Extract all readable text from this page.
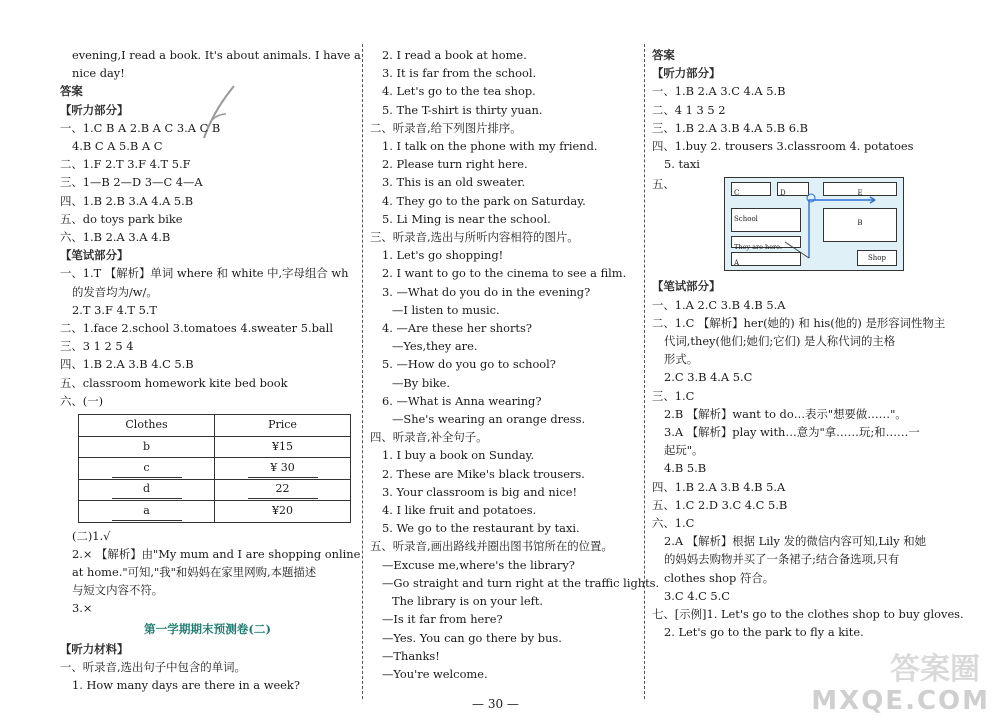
evening,I read a book. It's about animals. I have a
nice day!
答案
【听力部分】
一、1.C B A 2.B A C 3.A C B
4.B C A 5.B A C
二、1.F 2.T 3.F 4.T 5.F
三、1—B 2—D 3—C 4—A
四、1.B 2.B 3.A 4.A 5.B
五、do toys park bike
六、1.B 2.A 3.A 4.B
【笔试部分】
一、1.T 【解析】单词 where 和 white 中,字母组合 wh
的发音均为/w/。
2.T 3.F 4.T 5.T
二、1.face 2.school 3.tomatoes 4.sweater 5.ball
三、3 1 2 5 4
四、1.B 2.A 3.B 4.C 5.B
五、classroom homework kite bed book
六、(一)
Clothes	Price
b	¥15
c	¥ 30
d	22
a	¥20
(二)1.√
2.× 【解析】由"My mum and I are shopping online
at home."可知,"我"和妈妈在家里网购,本题描述
与短文内容不符。
3.×
第一学期期末预测卷(二)
【听力材料】
一、听录音,选出句子中包含的单词。
1. How many days are there in a week?
2. I read a book at home.
3. It is far from the school.
4. Let's go to the tea shop.
5. The T-shirt is thirty yuan.
二、听录音,给下列图片排序。
1. I talk on the phone with my friend.
2. Please turn right here.
3. This is an old sweater.
4. They go to the park on Saturday.
5. Li Ming is near the school.
三、听录音,选出与所听内容相符的图片。
1. Let's go shopping!
2. I want to go to the cinema to see a film.
3. —What do you do in the evening?
—I listen to music.
4. —Are these her shorts?
—Yes,they are.
5. —How do you go to school?
—By bike.
6. —What is Anna wearing?
—She's wearing an orange dress.
四、听录音,补全句子。
1. I buy a book on Sunday.
2. These are Mike's black trousers.
3. Your classroom is big and nice!
4. I like fruit and potatoes.
5. We go to the restaurant by taxi.
五、听录音,画出路线并圈出图书馆所在的位置。
—Excuse me,where's the library?
—Go straight and turn right at the traffic lights.
The library is on your left.
—Is it far from here?
—Yes. You can go there by bus.
—Thanks!
—You're welcome.
答案
【听力部分】
一、1.B 2.A 3.C 4.A 5.B
二、4 1 3 5 2
三、1.B 2.A 3.B 4.A 5.B 6.B
四、1.buy 2. trousers 3.classroom 4. potatoes
5. taxi
五、
C	D	E
School	B
They are here.
A
Shop
【笔试部分】
一、1.A 2.C 3.B 4.B 5.A
二、1.C 【解析】her(她的) 和 his(他的) 是形容词性物主
代词,they(他们;她们;它们) 是人称代词的主格
形式。
2.C 3.B 4.A 5.C
三、1.C
2.B 【解析】want to do…表示"想要做……"。
3.A 【解析】play with…意为"拿……玩;和……一
起玩"。
4.B 5.B
四、1.B 2.A 3.B 4.B 5.A
五、1.C 2.D 3.C 4.C 5.B
六、1.C
2.A 【解析】根据 Lily 发的微信内容可知,Lily 和她
的妈妈去购物并买了一条裙子;结合备选项,只有
clothes shop 符合。
3.C 4.C 5.C
七、[示例]1. Let's go to the clothes shop to buy gloves.
2. Let's go to the park to fly a kite.
— 30 —
答案圈
MXQE.COM
